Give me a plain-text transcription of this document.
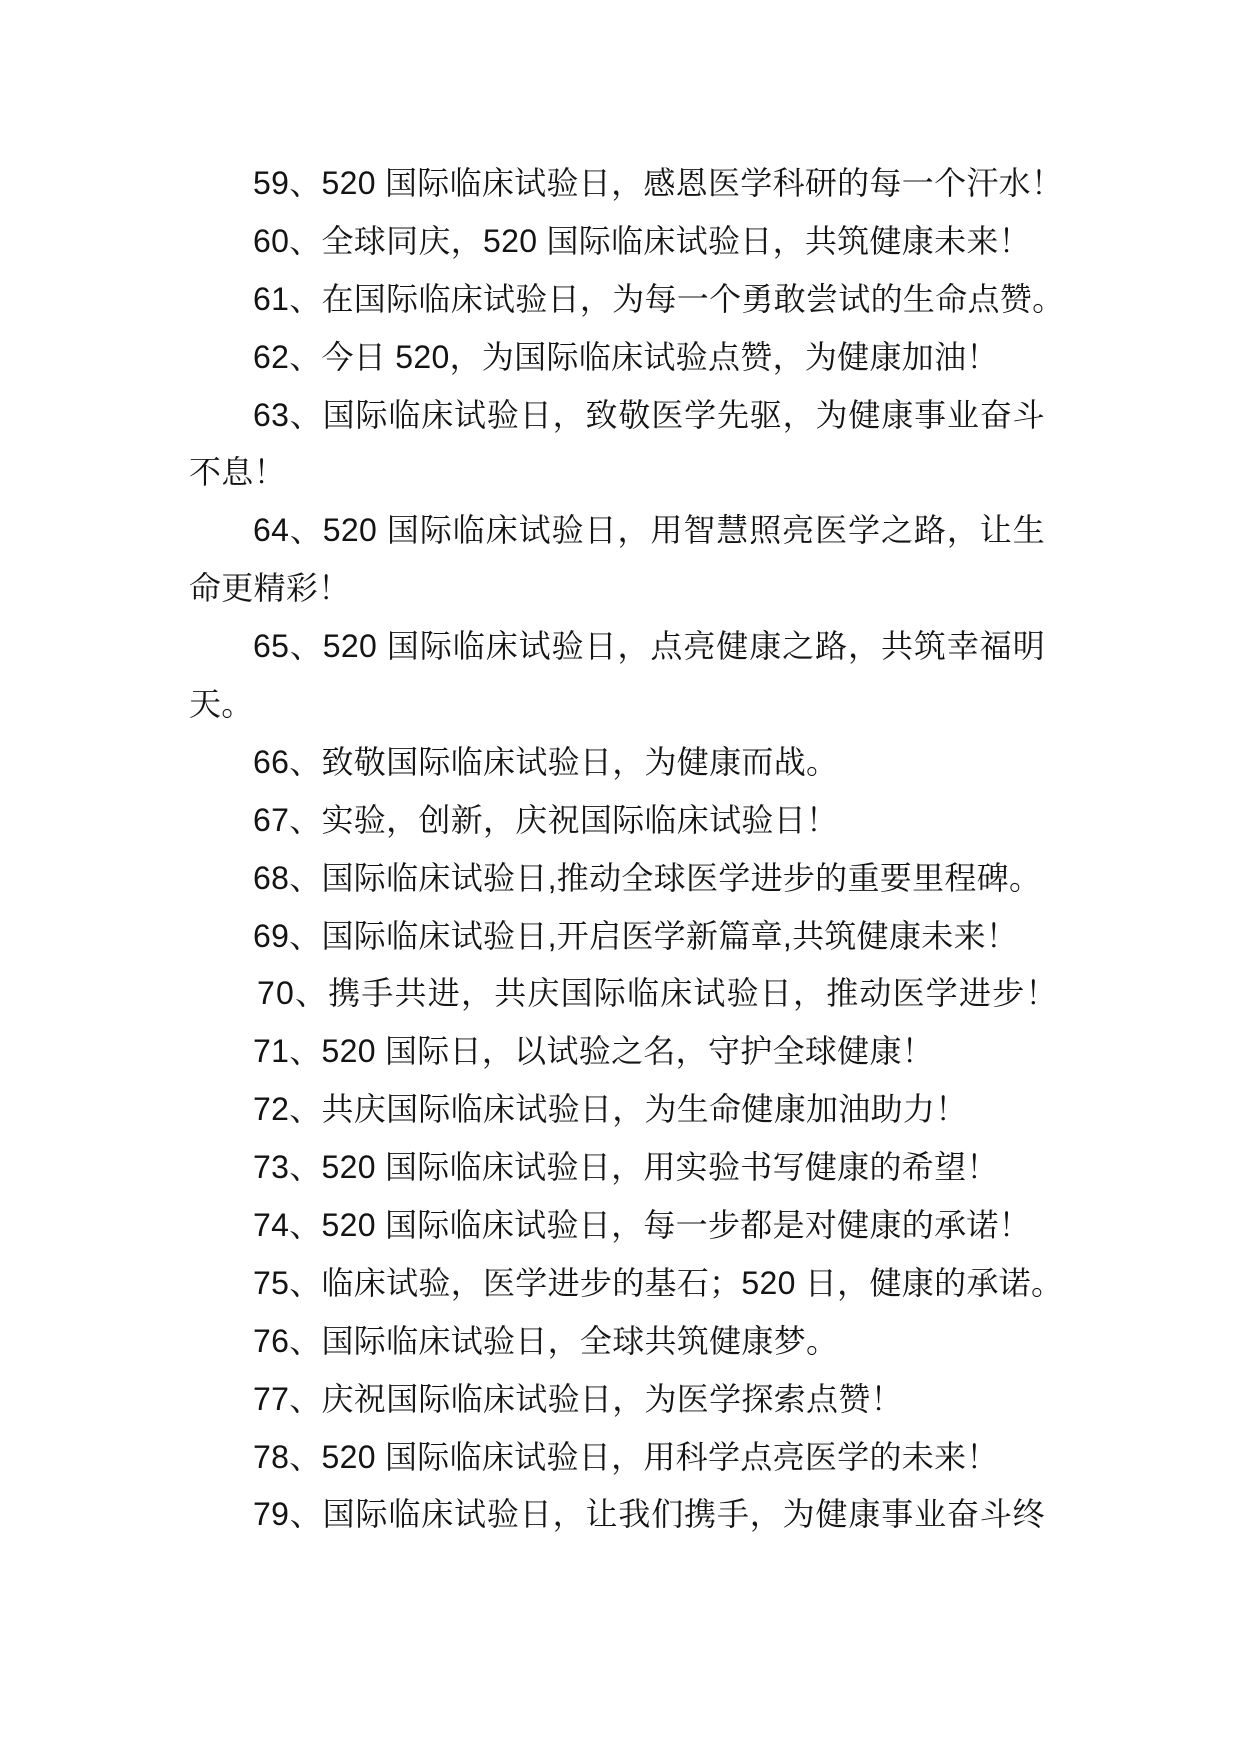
59、520 国际临床试验日，感恩医学科研的每一个汗水！
60、全球同庆，520 国际临床试验日，共筑健康未来！
61、在国际临床试验日，为每一个勇敢尝试的生命点赞。
62、今日 520，为国际临床试验点赞，为健康加油！
63、国际临床试验日，致敬医学先驱，为健康事业奋斗
不息！
64、520 国际临床试验日，用智慧照亮医学之路，让生
命更精彩！
65、520 国际临床试验日，点亮健康之路，共筑幸福明
天。
66、致敬国际临床试验日，为健康而战。
67、实验，创新，庆祝国际临床试验日！
68、国际临床试验日,推动全球医学进步的重要里程碑。
69、国际临床试验日,开启医学新篇章,共筑健康未来！
70、携手共进，共庆国际临床试验日，推动医学进步！
71、520 国际日，以试验之名，守护全球健康！
72、共庆国际临床试验日，为生命健康加油助力！
73、520 国际临床试验日，用实验书写健康的希望！
74、520 国际临床试验日，每一步都是对健康的承诺！
75、临床试验，医学进步的基石；520 日，健康的承诺。
76、国际临床试验日，全球共筑健康梦。
77、庆祝国际临床试验日，为医学探索点赞！
78、520 国际临床试验日，用科学点亮医学的未来！
79、国际临床试验日，让我们携手，为健康事业奋斗终
